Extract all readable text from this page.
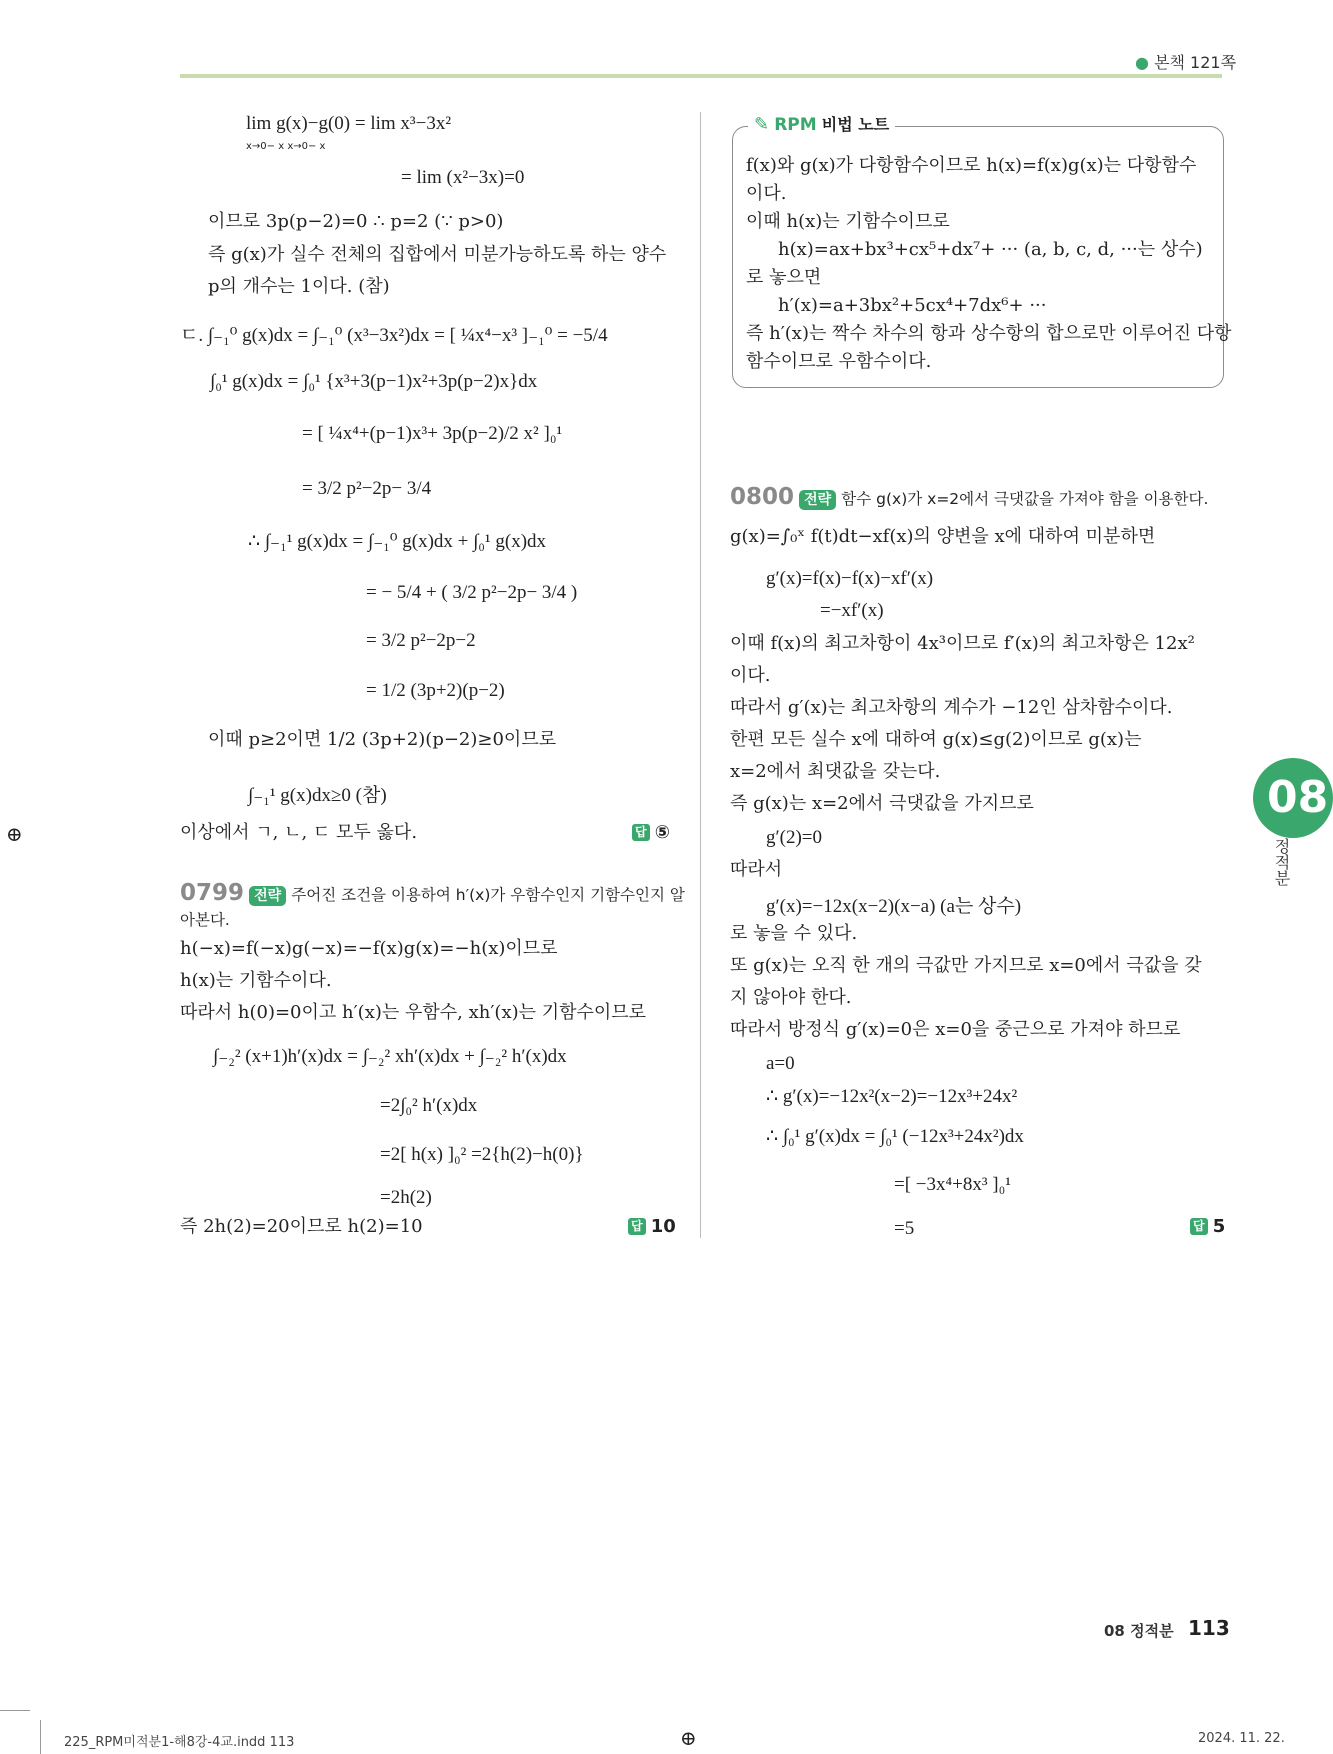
● 본책 121쪽
lim g(x)−g(0) = lim x³−3x²
x→0− x x→0− x
= lim (x²−3x)=0
이므로 3p(p−2)=0 ∴ p=2 (∵ p>0)
즉 g(x)가 실수 전체의 집합에서 미분가능하도록 하는 양수
p의 개수는 1이다. (참)
ㄷ. ∫₋₁⁰ g(x)dx = ∫₋₁⁰ (x³−3x²)dx = [ ¼x⁴−x³ ]₋₁⁰ = −5/4
∫₀¹ g(x)dx = ∫₀¹ {x³+3(p−1)x²+3p(p−2)x}dx
= [ ¼x⁴+(p−1)x³+ 3p(p−2)/2 x² ]₀¹
= 3/2 p²−2p− 3/4
∴ ∫₋₁¹ g(x)dx = ∫₋₁⁰ g(x)dx + ∫₀¹ g(x)dx
= − 5/4 + ( 3/2 p²−2p− 3/4 )
= 3/2 p²−2p−2
= 1/2 (3p+2)(p−2)
이때 p≥2이면 1/2 (3p+2)(p−2)≥0이므로
∫₋₁¹ g(x)dx≥0 (참)
이상에서 ㄱ, ㄴ, ㄷ 모두 옳다.	답 ⑤
0799 전략 주어진 조건을 이용하여 h′(x)가 우함수인지 기함수인지 알
아본다.
h(−x)=f(−x)g(−x)=−f(x)g(x)=−h(x)이므로
h(x)는 기함수이다.
따라서 h(0)=0이고 h′(x)는 우함수, xh′(x)는 기함수이므로
∫₋₂² (x+1)h′(x)dx = ∫₋₂² xh′(x)dx + ∫₋₂² h′(x)dx
=2∫₀² h′(x)dx
=2[ h(x) ]₀² =2{h(2)−h(0)}
=2h(2)
즉 2h(2)=20이므로 h(2)=10	답 10
✎ RPM 비법 노트
f(x)와 g(x)가 다항함수이므로 h(x)=f(x)g(x)는 다항함수
이다.
이때 h(x)는 기함수이므로
h(x)=ax+bx³+cx⁵+dx⁷+ ··· (a, b, c, d, ···는 상수)
로 놓으면
h′(x)=a+3bx²+5cx⁴+7dx⁶+ ···
즉 h′(x)는 짝수 차수의 항과 상수항의 합으로만 이루어진 다항
함수이므로 우함수이다.
0800 전략 함수 g(x)가 x=2에서 극댓값을 가져야 함을 이용한다.
g(x)=∫₀ˣ f(t)dt−xf(x)의 양변을 x에 대하여 미분하면
g′(x)=f(x)−f(x)−xf′(x)
=−xf′(x)
이때 f(x)의 최고차항이 4x³이므로 f′(x)의 최고차항은 12x²
이다.
따라서 g′(x)는 최고차항의 계수가 −12인 삼차함수이다.
한편 모든 실수 x에 대하여 g(x)≤g(2)이므로 g(x)는
x=2에서 최댓값을 갖는다.
즉 g(x)는 x=2에서 극댓값을 가지므로
g′(2)=0
따라서
g′(x)=−12x(x−2)(x−a) (a는 상수)
로 놓을 수 있다.
또 g(x)는 오직 한 개의 극값만 가지므로 x=0에서 극값을 갖
지 않아야 한다.
따라서 방정식 g′(x)=0은 x=0을 중근으로 가져야 하므로
a=0
∴ g′(x)=−12x²(x−2)=−12x³+24x²
∴ ∫₀¹ g′(x)dx = ∫₀¹ (−12x³+24x²)dx
=[ −3x⁴+8x³ ]₀¹
=5	답 5
08
정적분
⊕
⊕
08 정적분 113
225_RPM미적분1-해8강-4교.indd 113	2024. 11. 22.
